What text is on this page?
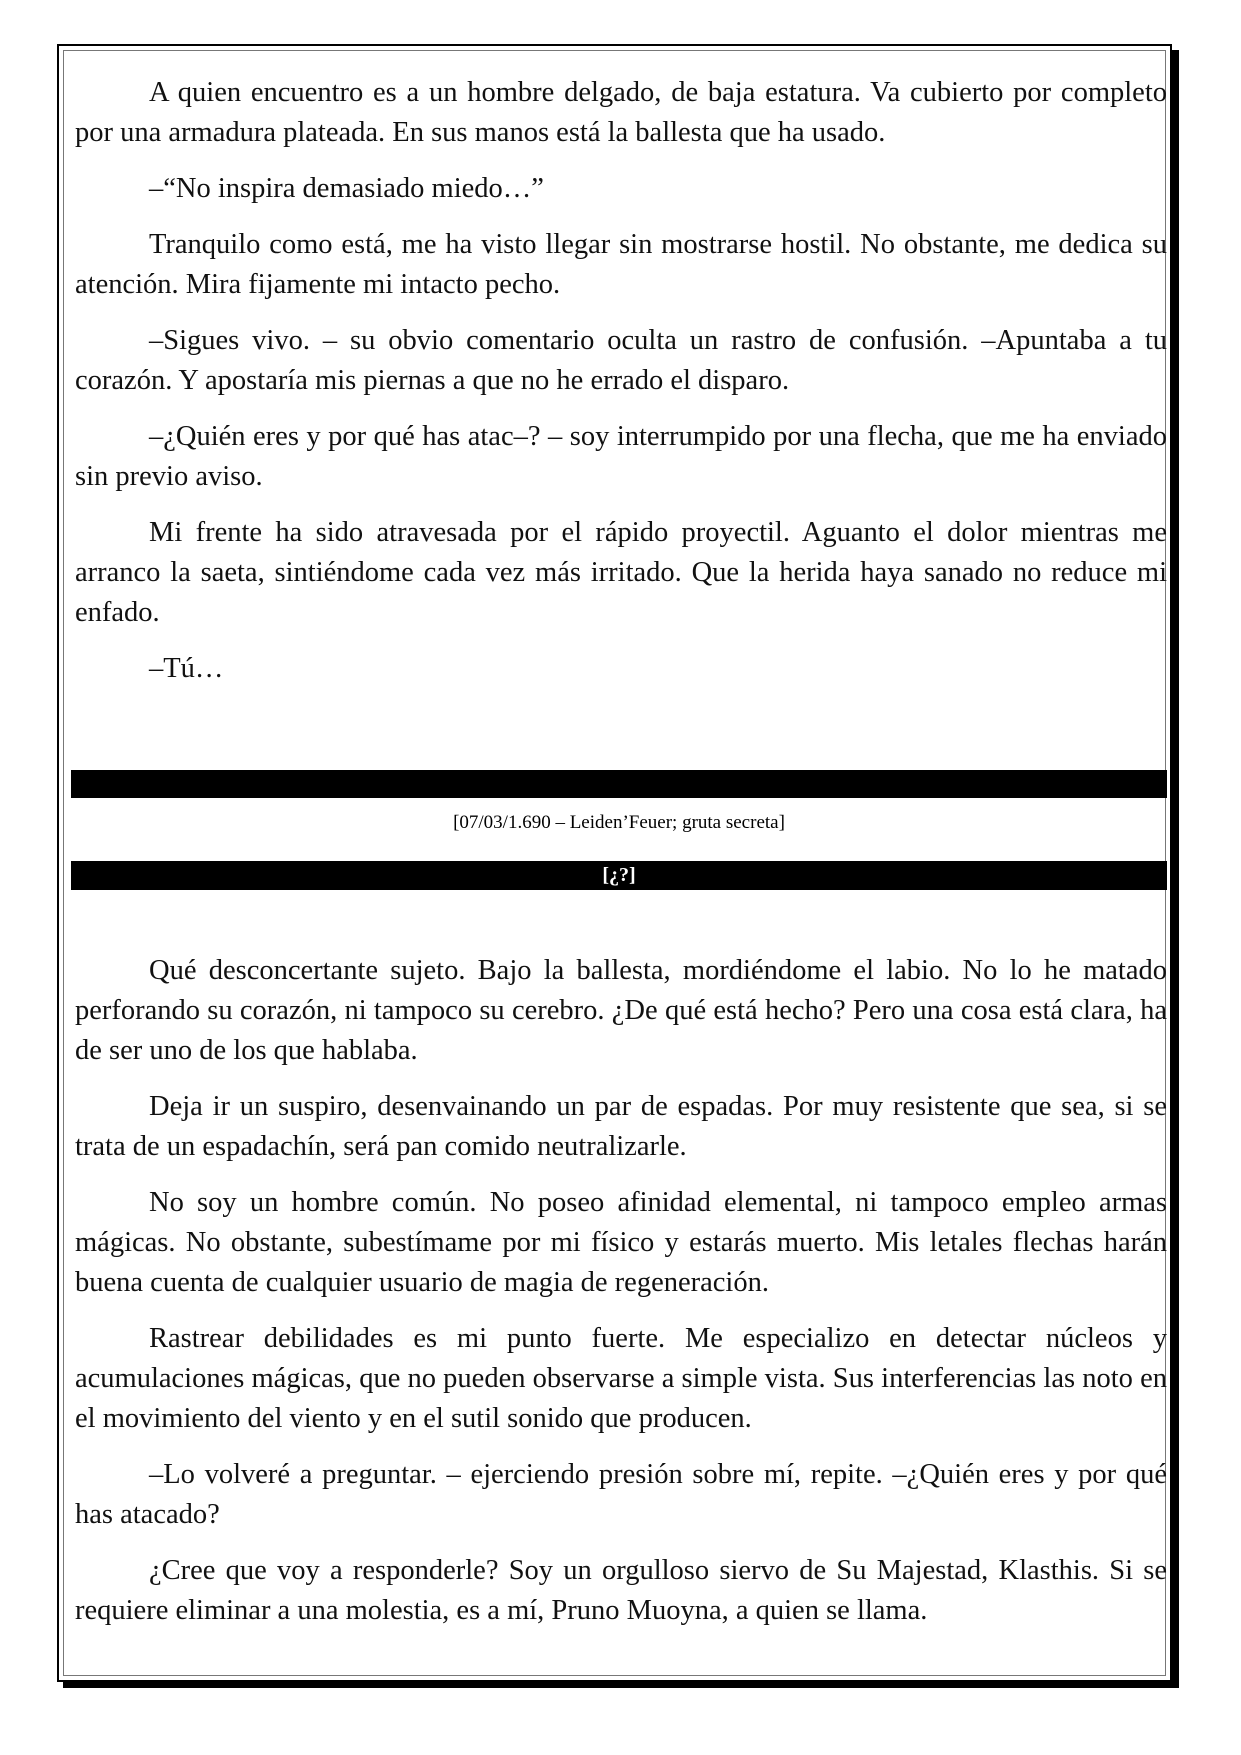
A quien encuentro es a un hombre delgado, de baja estatura. Va cubierto por completo por una armadura plateada. En sus manos está la ballesta que ha usado.

–“No inspira demasiado miedo…”

Tranquilo como está, me ha visto llegar sin mostrarse hostil. No obstante, me dedica su atención. Mira fijamente mi intacto pecho.

–Sigues vivo. – su obvio comentario oculta un rastro de confusión. –Apuntaba a tu corazón. Y apostaría mis piernas a que no he errado el disparo.

–¿Quién eres y por qué has atac–? – soy interrumpido por una flecha, que me ha enviado sin previo aviso.

Mi frente ha sido atravesada por el rápido proyectil. Aguanto el dolor mientras me arranco la saeta, sintiéndome cada vez más irritado. Que la herida haya sanado no reduce mi enfado.

–Tú…

[07/03/1.690 – Leiden’Feuer; gruta secreta]
[¿?]

Qué desconcertante sujeto. Bajo la ballesta, mordiéndome el labio. No lo he matado perforando su corazón, ni tampoco su cerebro. ¿De qué está hecho? Pero una cosa está clara, ha de ser uno de los que hablaba.

Deja ir un suspiro, desenvainando un par de espadas. Por muy resistente que sea, si se trata de un espadachín, será pan comido neutralizarle.

No soy un hombre común. No poseo afinidad elemental, ni tampoco empleo armas mágicas. No obstante, subestímame por mi físico y estarás muerto. Mis letales flechas harán buena cuenta de cualquier usuario de magia de regeneración.

Rastrear debilidades es mi punto fuerte. Me especializo en detectar núcleos y acumulaciones mágicas, que no pueden observarse a simple vista. Sus interferencias las noto en el movimiento del viento y en el sutil sonido que producen.

–Lo volveré a preguntar. – ejerciendo presión sobre mí, repite. –¿Quién eres y por qué has atacado?

¿Cree que voy a responderle? Soy un orgulloso siervo de Su Majestad, Klasthis. Si se requiere eliminar a una molestia, es a mí, Pruno Muoyna, a quien se llama.
